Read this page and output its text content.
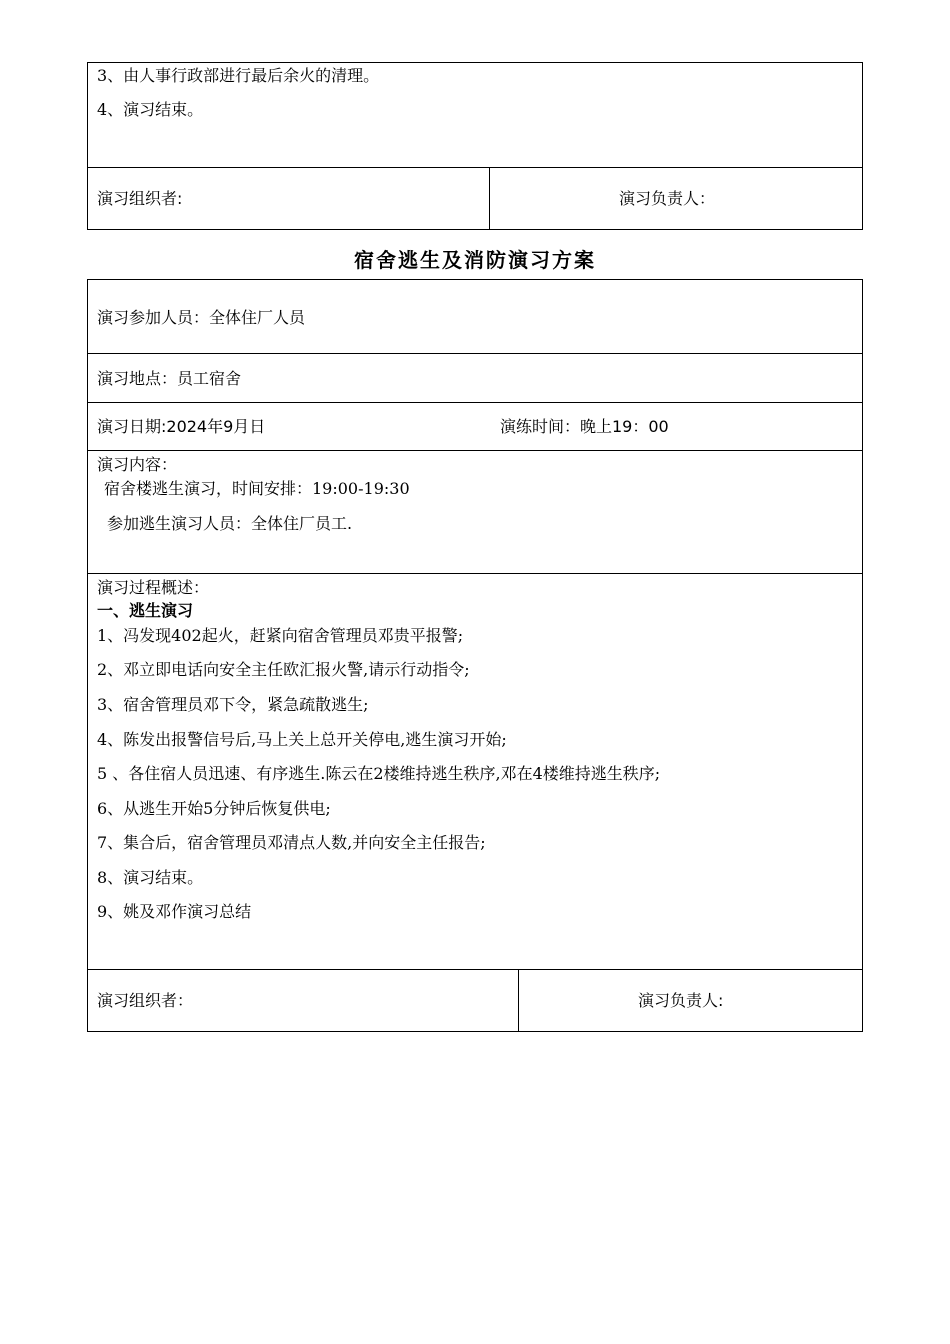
3、由人事行政部进行最后余火的清理。
4、演习结束。
演习组织者:	演习负责人：
宿舍逃生及消防演习方案
演习参加人员：全体住厂人员
演习地点：员工宿舍
演习日期:2024年9月日	演练时间：晚上19：00
演习内容：
宿舍楼逃生演习，时间安排：19:00-19:30
参加逃生演习人员：全体住厂员工.
演习过程概述：
一、逃生演习
1、冯发现402起火，赶紧向宿舍管理员邓贵平报警;
2、邓立即电话向安全主任欧汇报火警,请示行动指令;
3、宿舍管理员邓下令，紧急疏散逃生;
4、陈发出报警信号后,马上关上总开关停电,逃生演习开始;
5 、各住宿人员迅速、有序逃生.陈云在2楼维持逃生秩序,邓在4楼维持逃生秩序;
6、从逃生开始5分钟后恢复供电;
7、集合后，宿舍管理员邓清点人数,并向安全主任报告;
8、演习结束。
9、姚及邓作演习总结
演习组织者：	演习负责人:
